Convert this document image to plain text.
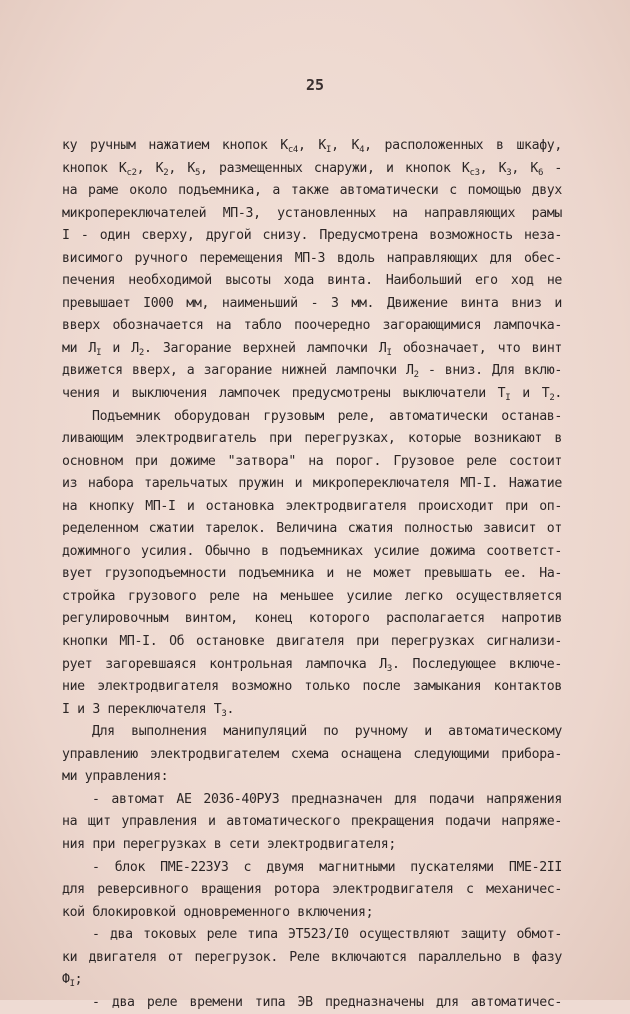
25
ку ручным нажатием кнопок $К_{с4}$, $К_I$, $К_4$, расположенных в шкафу,
кнопок $К_{с2}$, $К_2$, $К_5$, размещенных снаружи, и кнопок $К_{с3}$, $К_3$, $К_6$ -
на раме около подъемника, а также автоматически с помощью двух
микропереключателей МП-3, установленных на направляющих рамы
I - один сверху, другой снизу. Предусмотрена возможность неза-
висимого ручного перемещения МП-3 вдоль направляющих для обес-
печения необходимой высоты хода винта. Наибольший его ход не
превышает I000 мм, наименьший - 3 мм. Движение винта вниз и
вверх обозначается на табло поочередно загорающимися лампочка-
ми $Л_I$ и $Л_2$. Загорание верхней лампочки $Л_I$ обозначает, что винт
движется вверх, а загорание нижней лампочки $Л_2$ - вниз. Для вклю-
чения и выключения лампочек предусмотрены выключатели $Т_I$ и $Т_2$.
Подъемник оборудован грузовым реле, автоматически останав-
ливающим электродвигатель при перегрузках, которые возникают в
основном при дожиме "затвора" на порог. Грузовое реле состоит
из набора тарельчатых пружин и микропереключателя МП-I. Нажатие
на кнопку МП-I и остановка электродвигателя происходит при оп-
ределенном сжатии тарелок. Величина сжатия полностью зависит от
дожимного усилия. Обычно в подъемниках усилие дожима соответст-
вует грузоподъемности подъемника и не может превышать ее. На-
стройка грузового реле на меньшее усилие легко осуществляется
регулировочным винтом, конец которого располагается напротив
кнопки МП-I. Об остановке двигателя при перегрузках сигнализи-
рует загоревшаяся контрольная лампочка $Л_3$. Последующее включе-
ние электродвигателя возможно только после замыкания контактов
I и 3 переключателя $Т_3$.
Для выполнения манипуляций по ручному и автоматическому
управлению электродвигателем схема оснащена следующими прибора-
ми управления:
- автомат АЕ 2036-40РУЗ предназначен для подачи напряжения
на щит управления и автоматического прекращения подачи напряже-
ния при перегрузках в сети электродвигателя;
- блок ПМЕ-223УЗ с двумя магнитными пускателями ПМЕ-2II
для реверсивного вращения ротора электродвигателя с механичес-
кой блокировкой одновременного включения;
- два токовых реле типа ЭТ523/I0 осуществляют защиту обмот-
ки двигателя от перегрузок. Реле включаются параллельно в фазу
$Ф_I$;
- два реле времени типа ЭВ предназначены для автоматичес-
